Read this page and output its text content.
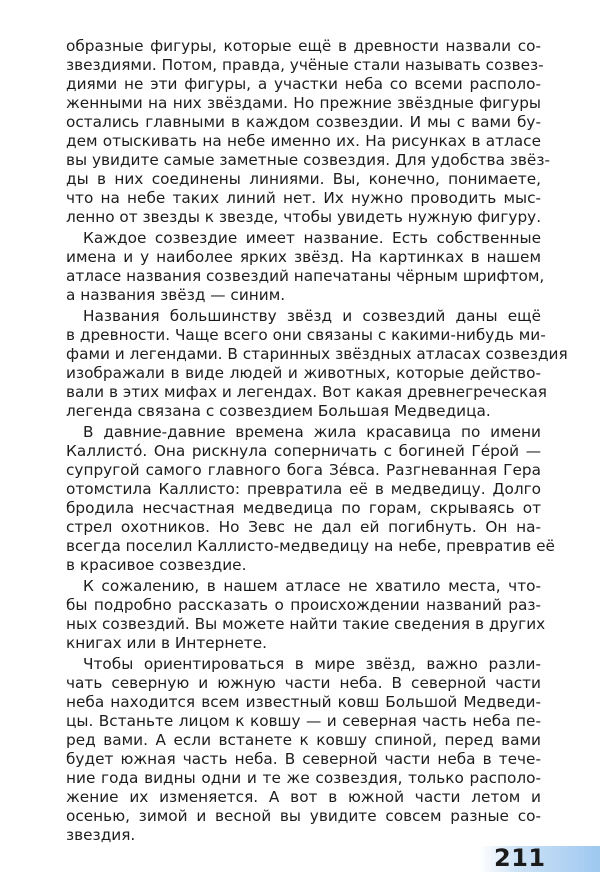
образные фигуры, которые ещё в древности назвали со-
звездиями. Потом, правда, учёные стали называть созвез-
диями не эти фигуры, а участки неба со всеми располо-
женными на них звёздами. Но прежние звёздные фигуры
остались главными в каждом созвездии. И мы с вами бу-
дем отыскивать на небе именно их. На рисунках в атласе
вы увидите самые заметные созвездия. Для удобства звёз-
ды в них соединены линиями. Вы, конечно, понимаете,
что на небе таких линий нет. Их нужно проводить мыс-
ленно от звезды к звезде, чтобы увидеть нужную фигуру.

Каждое созвездие имеет название. Есть собственные
имена и у наиболее ярких звёзд. На картинках в нашем
атласе названия созвездий напечатаны чёрным шрифтом,
а названия звёзд — синим.

Названия большинству звёзд и созвездий даны ещё
в древности. Чаще всего они связаны с какими-нибудь ми-
фами и легендами. В старинных звёздных атласах созвездия
изображали в виде людей и животных, которые действо-
вали в этих мифах и легендах. Вот какая древнегреческая
легенда связана с созвездием Большая Медведица.

В давние-давние времена жила красавица по имени
Каллисто́. Она рискнула соперничать с богиней Ге́рой —
супругой самого главного бога Зе́вса. Разгневанная Гера
отомстила Каллисто: превратила её в медведицу. Долго
бродила несчастная медведица по горам, скрываясь от
стрел охотников. Но Зевс не дал ей погибнуть. Он на-
всегда поселил Каллисто-медведицу на небе, превратив её
в красивое созвездие.

К сожалению, в нашем атласе не хватило места, что-
бы подробно рассказать о происхождении названий раз-
ных созвездий. Вы можете найти такие сведения в других
книгах или в Интернете.

Чтобы ориентироваться в мире звёзд, важно разли-
чать северную и южную части неба. В северной части
неба находится всем известный ковш Большой Медведи-
цы. Встаньте лицом к ковшу — и северная часть неба пе-
ред вами. А если встанете к ковшу спиной, перед вами
будет южная часть неба. В северной части неба в тече-
ние года видны одни и те же созвездия, только располо-
жение их изменяется. А вот в южной части летом и
осенью, зимой и весной вы увидите совсем разные со-
звездия.

211
